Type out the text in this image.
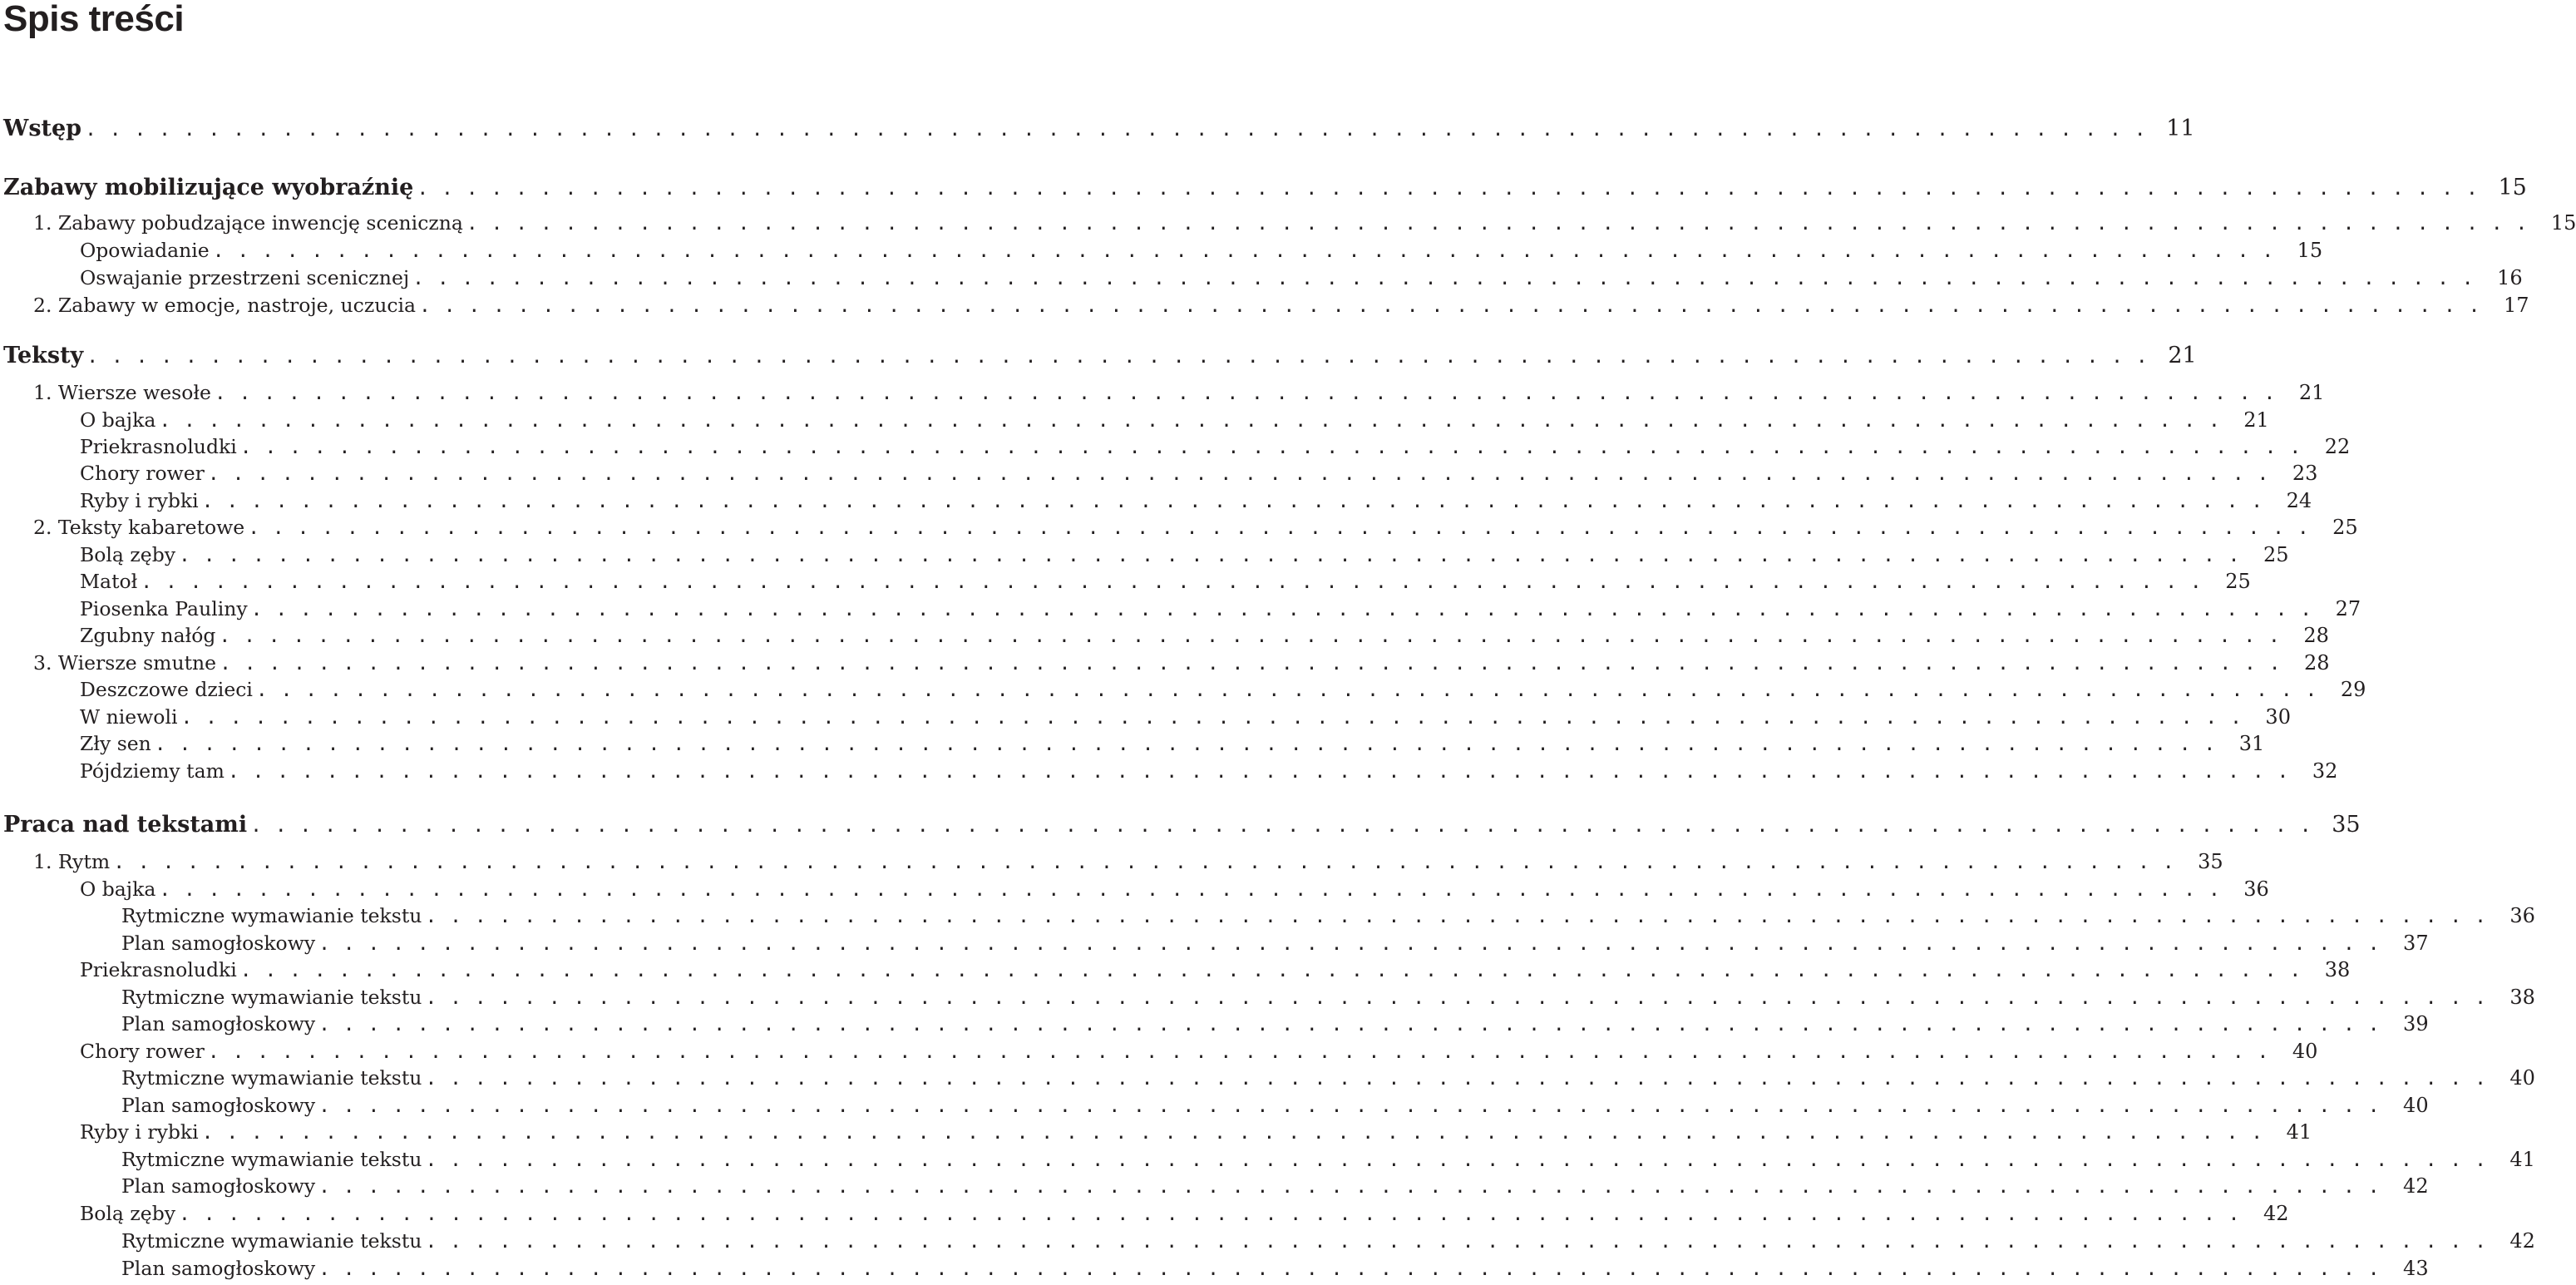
Spis treści
Wstęp . . .	11
Zabawy mobilizujące wyobraźnię . . .	15
1. Zabawy pobudzające inwencję sceniczną . . .	15
Opowiadanie . . .	15
Oswajanie przestrzeni scenicznej . . .	16
2. Zabawy w emocje, nastroje, uczucia . . .	17
Teksty . . .	21
1. Wiersze wesołe . . .	21
O bajka . . .	21
Priekrasnoludki . . .	22
Chory rower . . .	23
Ryby i rybki . . .	24
2. Teksty kabaretowe . . .	25
Bolą zęby . . .	25
Matoł . . .	25
Piosenka Pauliny . . .	27
Zgubny nałóg . . .	28
3. Wiersze smutne . . .	28
Deszczowe dzieci . . .	29
W niewoli . . .	30
Zły sen . . .	31
Pójdziemy tam . . .	32
Praca nad tekstami . . .	35
1. Rytm . . .	35
O bajka . . .	36
Rytmiczne wymawianie tekstu . . .	36
Plan samogłoskowy . . .	37
Priekrasnoludki . . .	38
Rytmiczne wymawianie tekstu . . .	38
Plan samogłoskowy . . .	39
Chory rower . . .	40
Rytmiczne wymawianie tekstu . . .	40
Plan samogłoskowy . . .	40
Ryby i rybki . . .	41
Rytmiczne wymawianie tekstu . . .	41
Plan samogłoskowy . . .	42
Bolą zęby . . .	42
Rytmiczne wymawianie tekstu . . .	42
Plan samogłoskowy . . .	43
